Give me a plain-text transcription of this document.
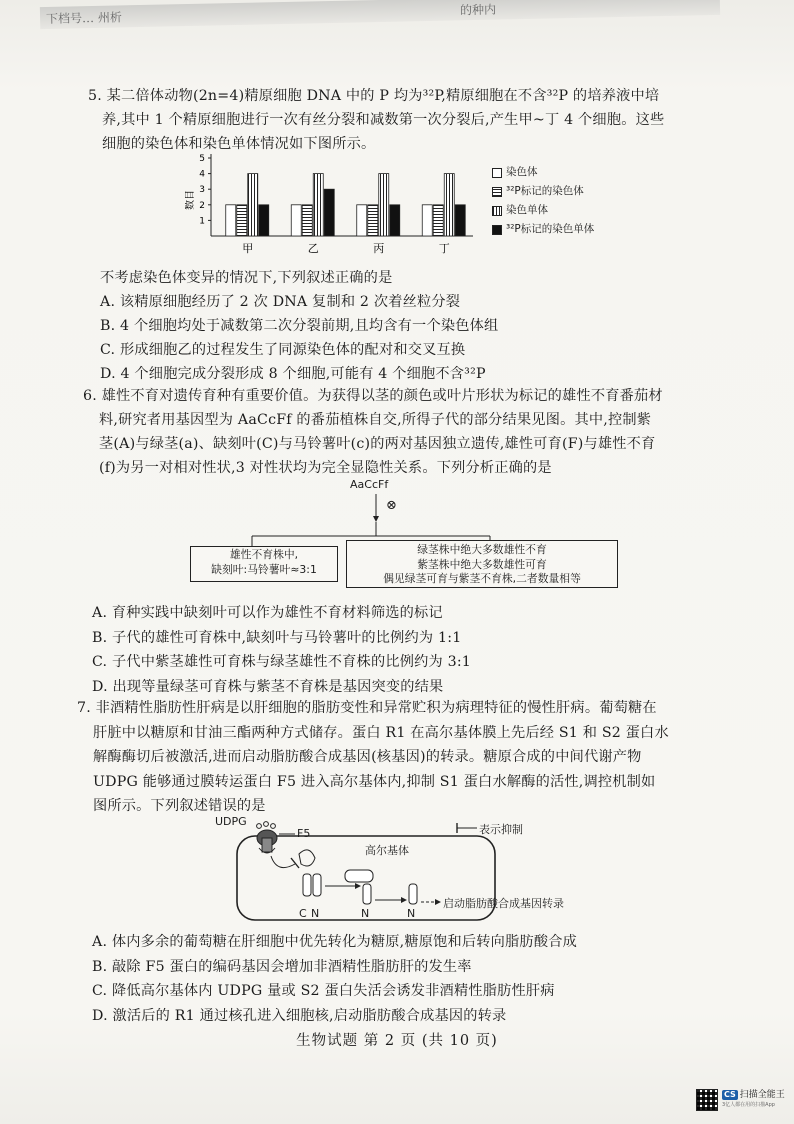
下档号… 州析
的种内

5. 某二倍体动物(2n=4)精原细胞 DNA 中的 P 均为³²P,精原细胞在不含³²P 的培养液中培

养,其中 1 个精原细胞进行一次有丝分裂和减数第一次分裂后,产生甲~丁 4 个细胞。这些

细胞的染色体和染色单体情况如下图所示。

1
2
3
4
5
数目
甲	乙	丙	丁
染色体
³²P标记的染色体
染色单体
³²P标记的染色单体

不考虑染色体变异的情况下,下列叙述正确的是

A. 该精原细胞经历了 2 次 DNA 复制和 2 次着丝粒分裂

B. 4 个细胞均处于减数第二次分裂前期,且均含有一个染色体组

C. 形成细胞乙的过程发生了同源染色体的配对和交叉互换

D. 4 个细胞完成分裂形成 8 个细胞,可能有 4 个细胞不含³²P

6. 雄性不育对遗传育种有重要价值。为获得以茎的颜色或叶片形状为标记的雄性不育番茄材

料,研究者用基因型为 AaCcFf 的番茄植株自交,所得子代的部分结果见图。其中,控制紫

茎(A)与绿茎(a)、缺刻叶(C)与马铃薯叶(c)的两对基因独立遗传,雄性可育(F)与雄性不育

(f)为另一对相对性状,3 对性状均为完全显隐性关系。下列分析正确的是

AaCcFf
⊗
雄性不育株中,
缺刻叶:马铃薯叶≈3:1
绿茎株中绝大多数雄性不育
紫茎株中绝大多数雄性可育
偶见绿茎可育与紫茎不育株,二者数量相等

A. 育种实践中缺刻叶可以作为雄性不育材料筛选的标记

B. 子代的雄性可育株中,缺刻叶与马铃薯叶的比例约为 1:1

C. 子代中紫茎雄性可育株与绿茎雄性不育株的比例约为 3:1

D. 出现等量绿茎可育株与紫茎不育株是基因突变的结果

7. 非酒精性脂肪性肝病是以肝细胞的脂肪变性和异常贮积为病理特征的慢性肝病。葡萄糖在

肝脏中以糖原和甘油三酯两种方式储存。蛋白 R1 在高尔基体膜上先后经 S1 和 S2 蛋白水

解酶酶切后被激活,进而启动脂肪酸合成基因(核基因)的转录。糖原合成的中间代谢产物

UDPG 能够通过膜转运蛋白 F5 进入高尔基体内,抑制 S1 蛋白水解酶的活性,调控机制如

图所示。下列叙述错误的是

UDPG
F5
高尔基体
表示抑制
C N	N	N
启动脂肪酸合成基因转录

A. 体内多余的葡萄糖在肝细胞中优先转化为糖原,糖原饱和后转向脂肪酸合成

B. 敲除 F5 蛋白的编码基因会增加非酒精性脂肪肝的发生率

C. 降低高尔基体内 UDPG 量或 S2 蛋白失活会诱发非酒精性脂肪性肝病

D. 激活后的 R1 通过核孔进入细胞核,启动脂肪酸合成基因的转录

生物试题 第 2 页 (共 10 页)
CS 扫描全能王
3亿人都在用的扫描App
